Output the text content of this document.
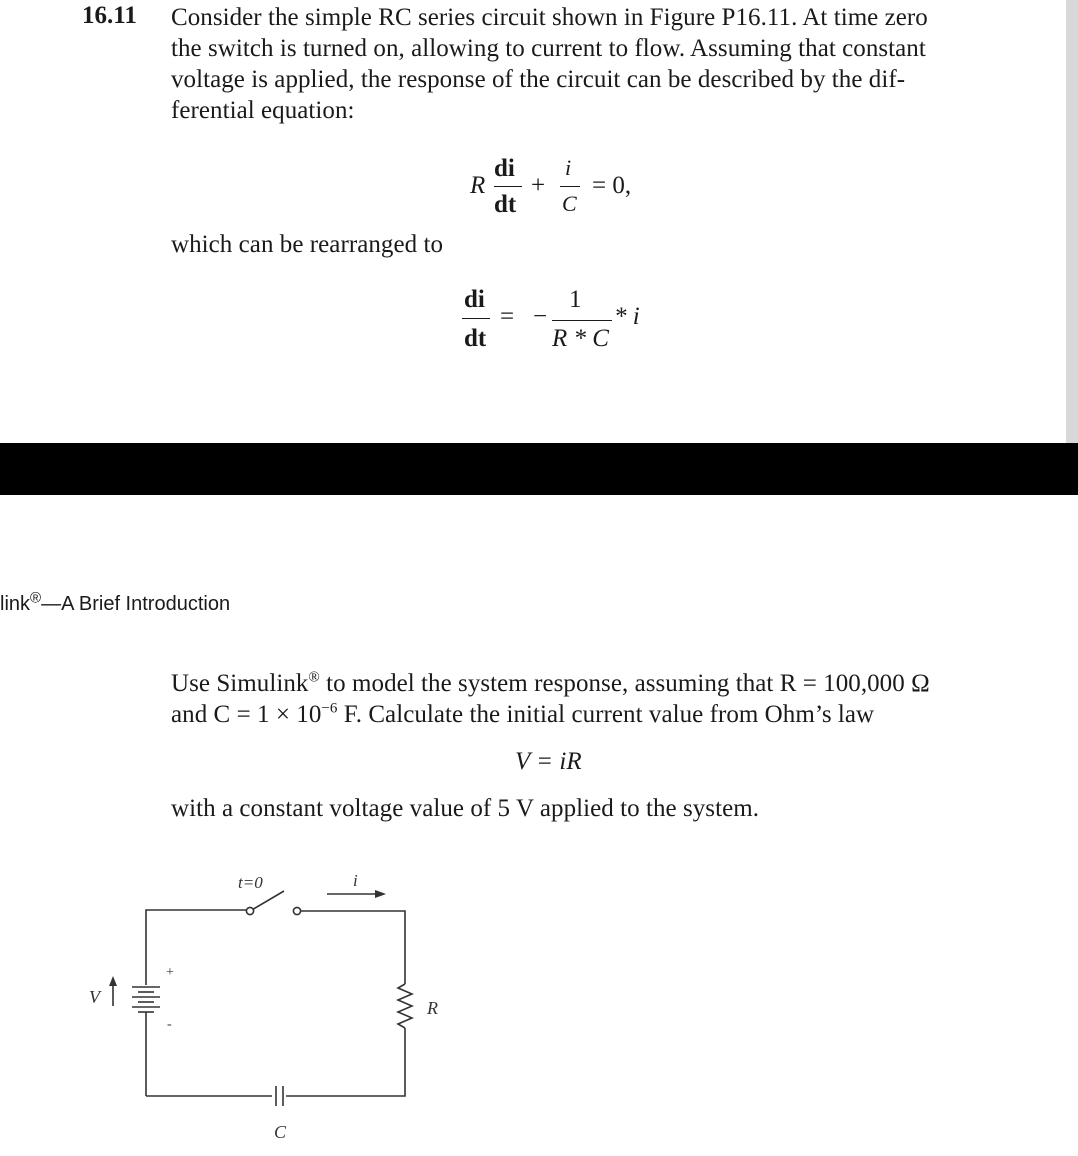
16.11 Consider the simple RC series circuit shown in Figure P16.11. At time zero
the switch is turned on, allowing to current to flow. Assuming that constant
voltage is applied, the response of the circuit can be described by the dif-
ferential equation:
R
di
dt
+
i
C
= 0,
which can be rearranged to
di
dt
= −
1
R * C
* i
link®—A Brief Introduction
Use Simulink® to model the system response, assuming that R = 100,000 Ω
and $C = 1 \times 10^{-6}$ F. Calculate the initial current value from Ohm’s law
V = iR
with a constant voltage value of 5 V applied to the system.
t=0	i
V
+
-
R
C
